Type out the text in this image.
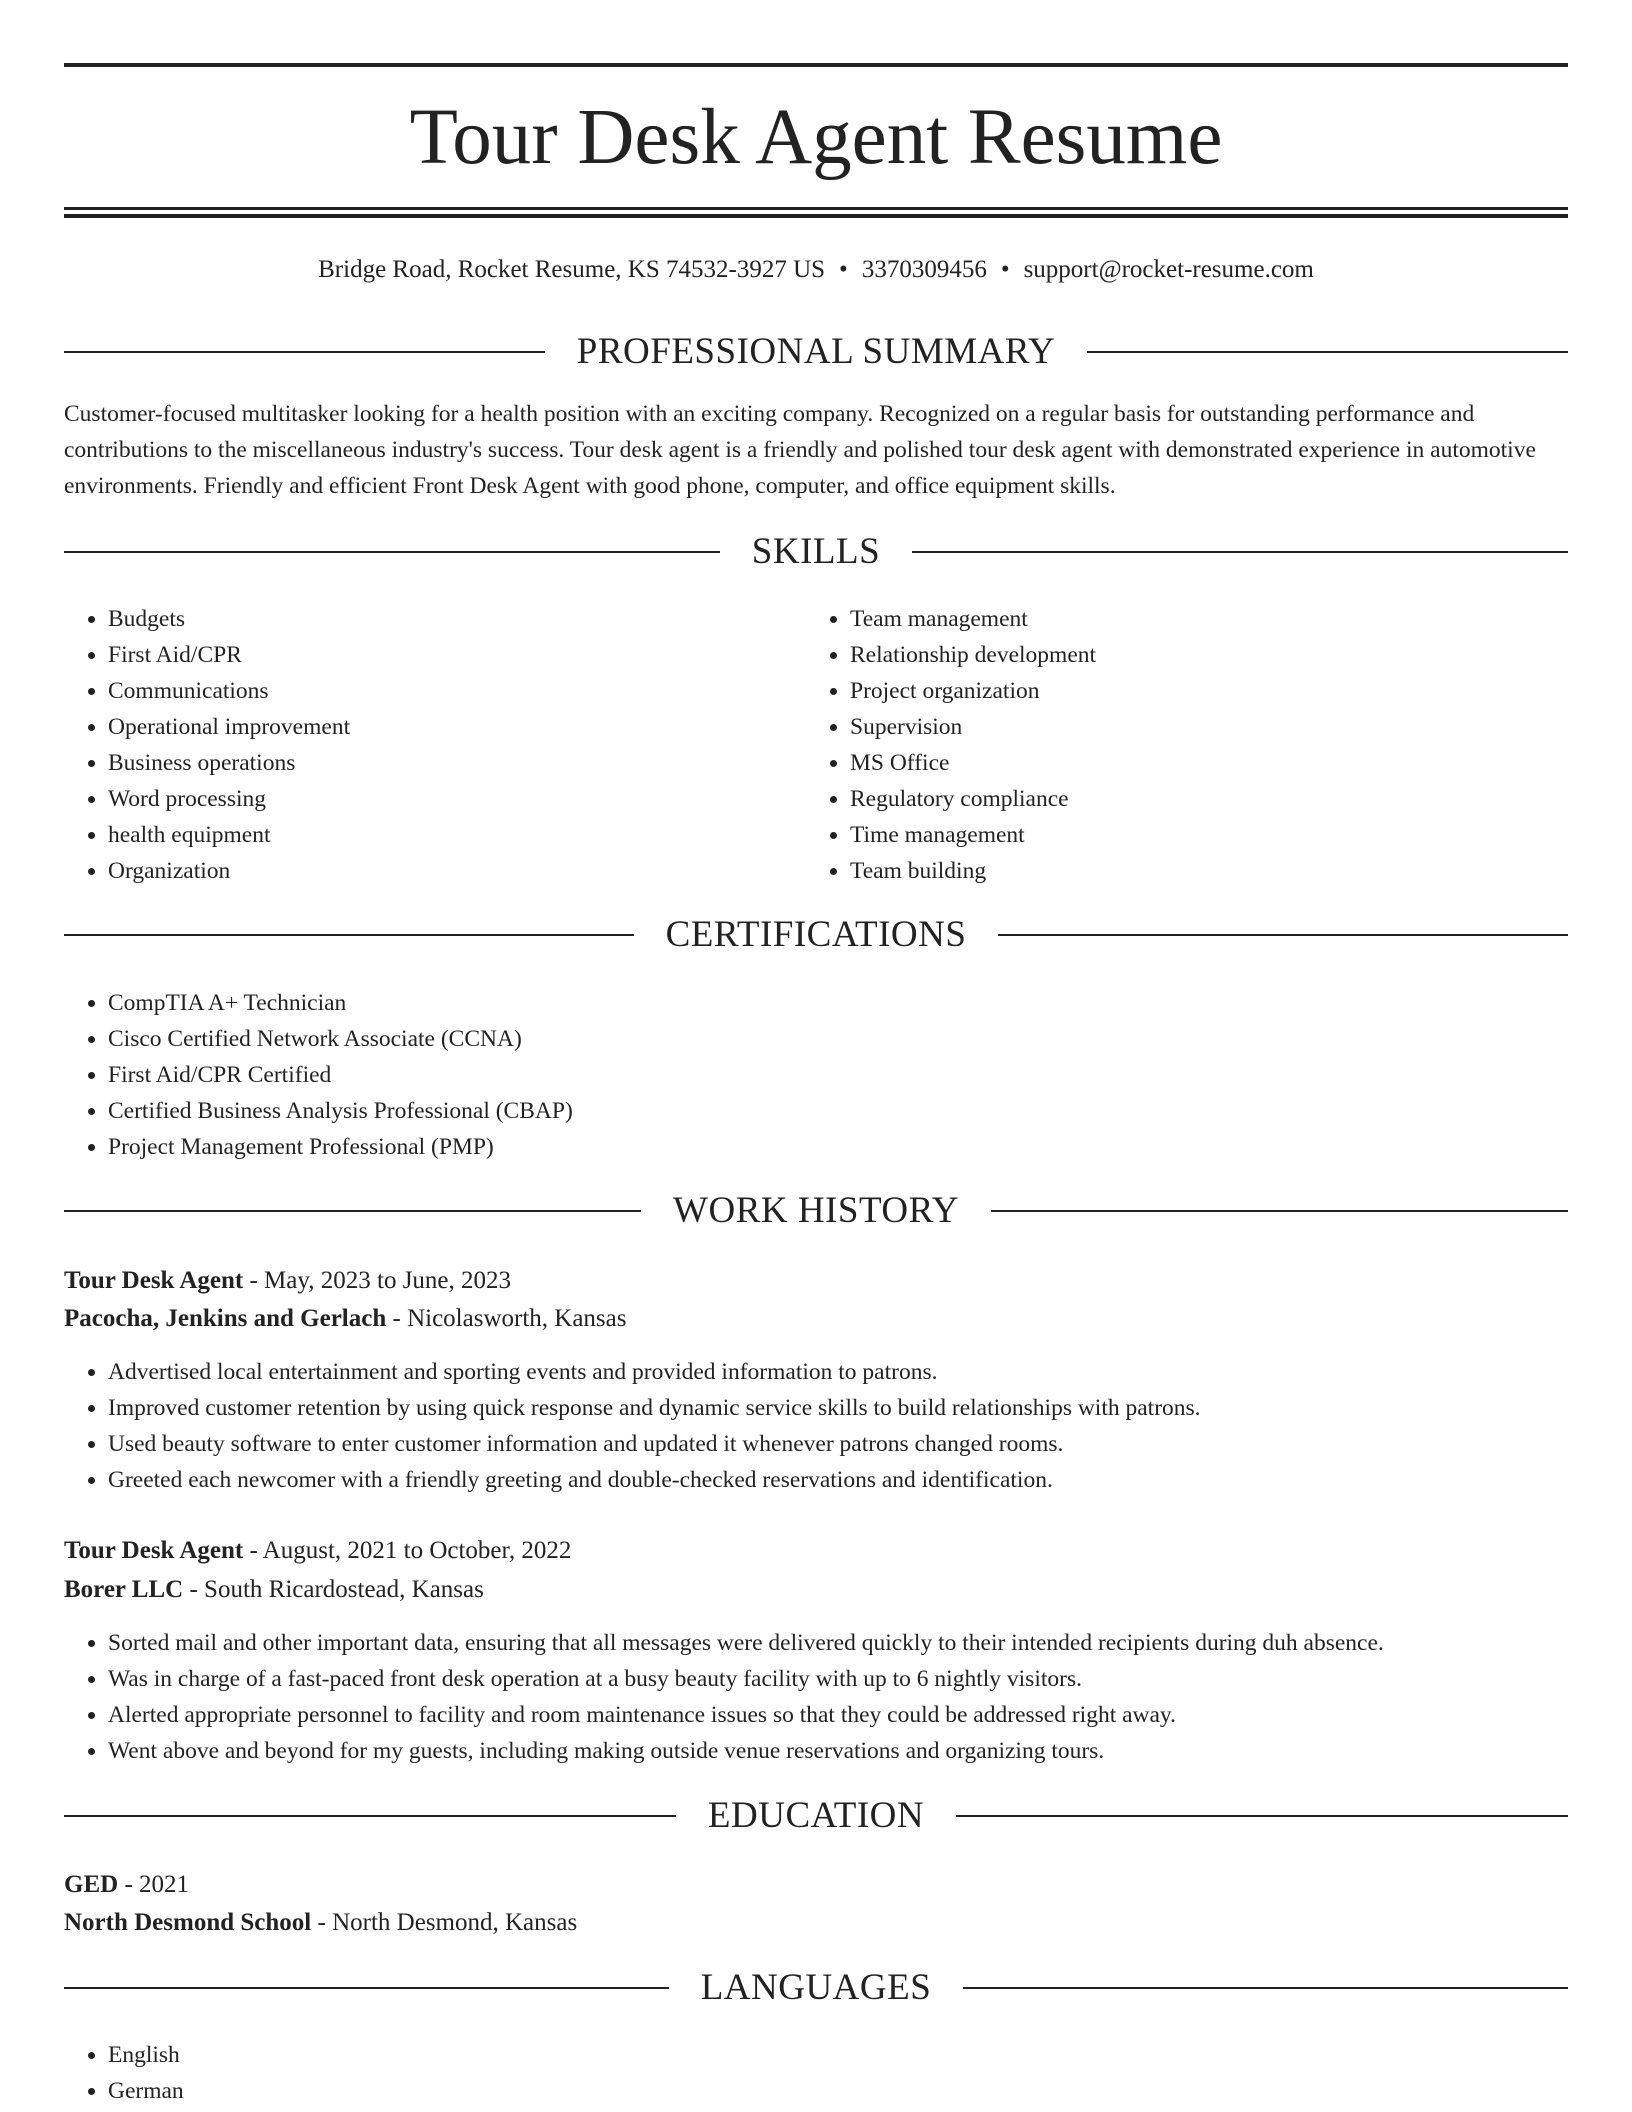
Tour Desk Agent Resume
Bridge Road, Rocket Resume, KS 74532-3927 US • 3370309456 • support@rocket-resume.com
PROFESSIONAL SUMMARY
Customer-focused multitasker looking for a health position with an exciting company. Recognized on a regular basis for outstanding performance and contributions to the miscellaneous industry's success. Tour desk agent is a friendly and polished tour desk agent with demonstrated experience in automotive environments. Friendly and efficient Front Desk Agent with good phone, computer, and office equipment skills.
SKILLS
• Budgets
• First Aid/CPR
• Communications
• Operational improvement
• Business operations
• Word processing
• health equipment
• Organization
• Team management
• Relationship development
• Project organization
• Supervision
• MS Office
• Regulatory compliance
• Time management
• Team building
CERTIFICATIONS
• CompTIA A+ Technician
• Cisco Certified Network Associate (CCNA)
• First Aid/CPR Certified
• Certified Business Analysis Professional (CBAP)
• Project Management Professional (PMP)
WORK HISTORY
Tour Desk Agent - May, 2023 to June, 2023
Pacocha, Jenkins and Gerlach - Nicolasworth, Kansas
• Advertised local entertainment and sporting events and provided information to patrons.
• Improved customer retention by using quick response and dynamic service skills to build relationships with patrons.
• Used beauty software to enter customer information and updated it whenever patrons changed rooms.
• Greeted each newcomer with a friendly greeting and double-checked reservations and identification.
Tour Desk Agent - August, 2021 to October, 2022
Borer LLC - South Ricardostead, Kansas
• Sorted mail and other important data, ensuring that all messages were delivered quickly to their intended recipients during duh absence.
• Was in charge of a fast-paced front desk operation at a busy beauty facility with up to 6 nightly visitors.
• Alerted appropriate personnel to facility and room maintenance issues so that they could be addressed right away.
• Went above and beyond for my guests, including making outside venue reservations and organizing tours.
EDUCATION
GED - 2021
North Desmond School - North Desmond, Kansas
LANGUAGES
• English
• German
